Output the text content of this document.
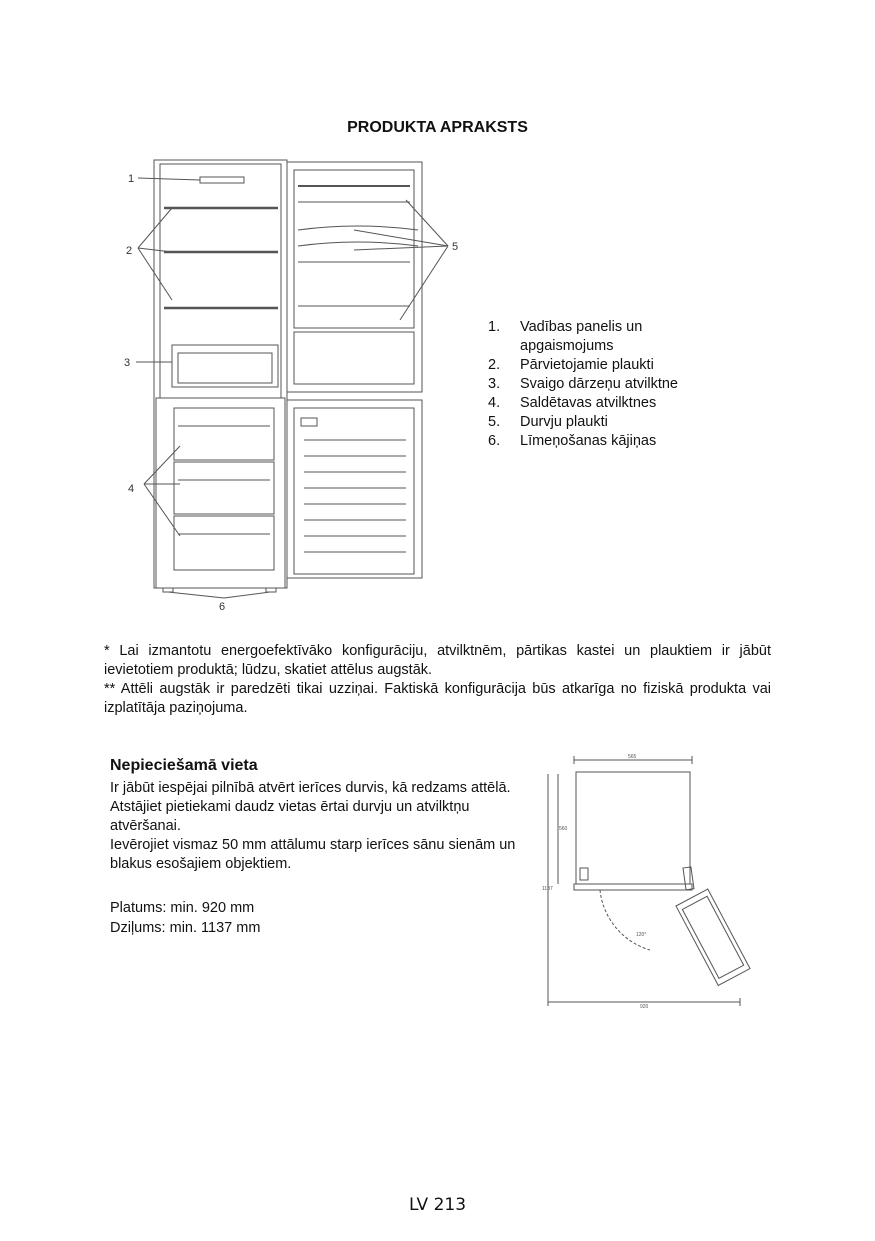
PRODUKTA APRAKSTS
1
2
3
4
6
5
1.	Vadības panelis un apgaismojums
2.	Pārvietojamie plaukti
3.	Svaigo dārzeņu atvilktne
4.	Saldētavas atvilktnes
5.	Durvju plaukti
6.	Līmeņošanas kājiņas

* Lai izmantotu energoefektīvāko konfigurāciju, atvilktnēm, pārtikas kastei un plauktiem ir jābūt ievietotiem produktā; lūdzu, skatiet attēlus augstāk.

** Attēli augstāk ir paredzēti tikai uzziņai. Faktiskā konfigurācija būs atkarīga no fiziskā produkta vai izplatītāja paziņojuma.

Nepieciešamā vieta

Ir jābūt iespējai pilnībā atvērt ierīces durvis, kā redzams attēlā. Atstājiet pietiekami daudz vietas ērtai durvju un atvilktņu atvēršanai.

Ievērojiet vismaz 50 mm attālumu starp ierīces sānu sienām un blakus esošajiem objektiem.

Platums: min. 920 mm
Dziļums: min. 1137 mm
565
560
1137
920
120°
LV 213
